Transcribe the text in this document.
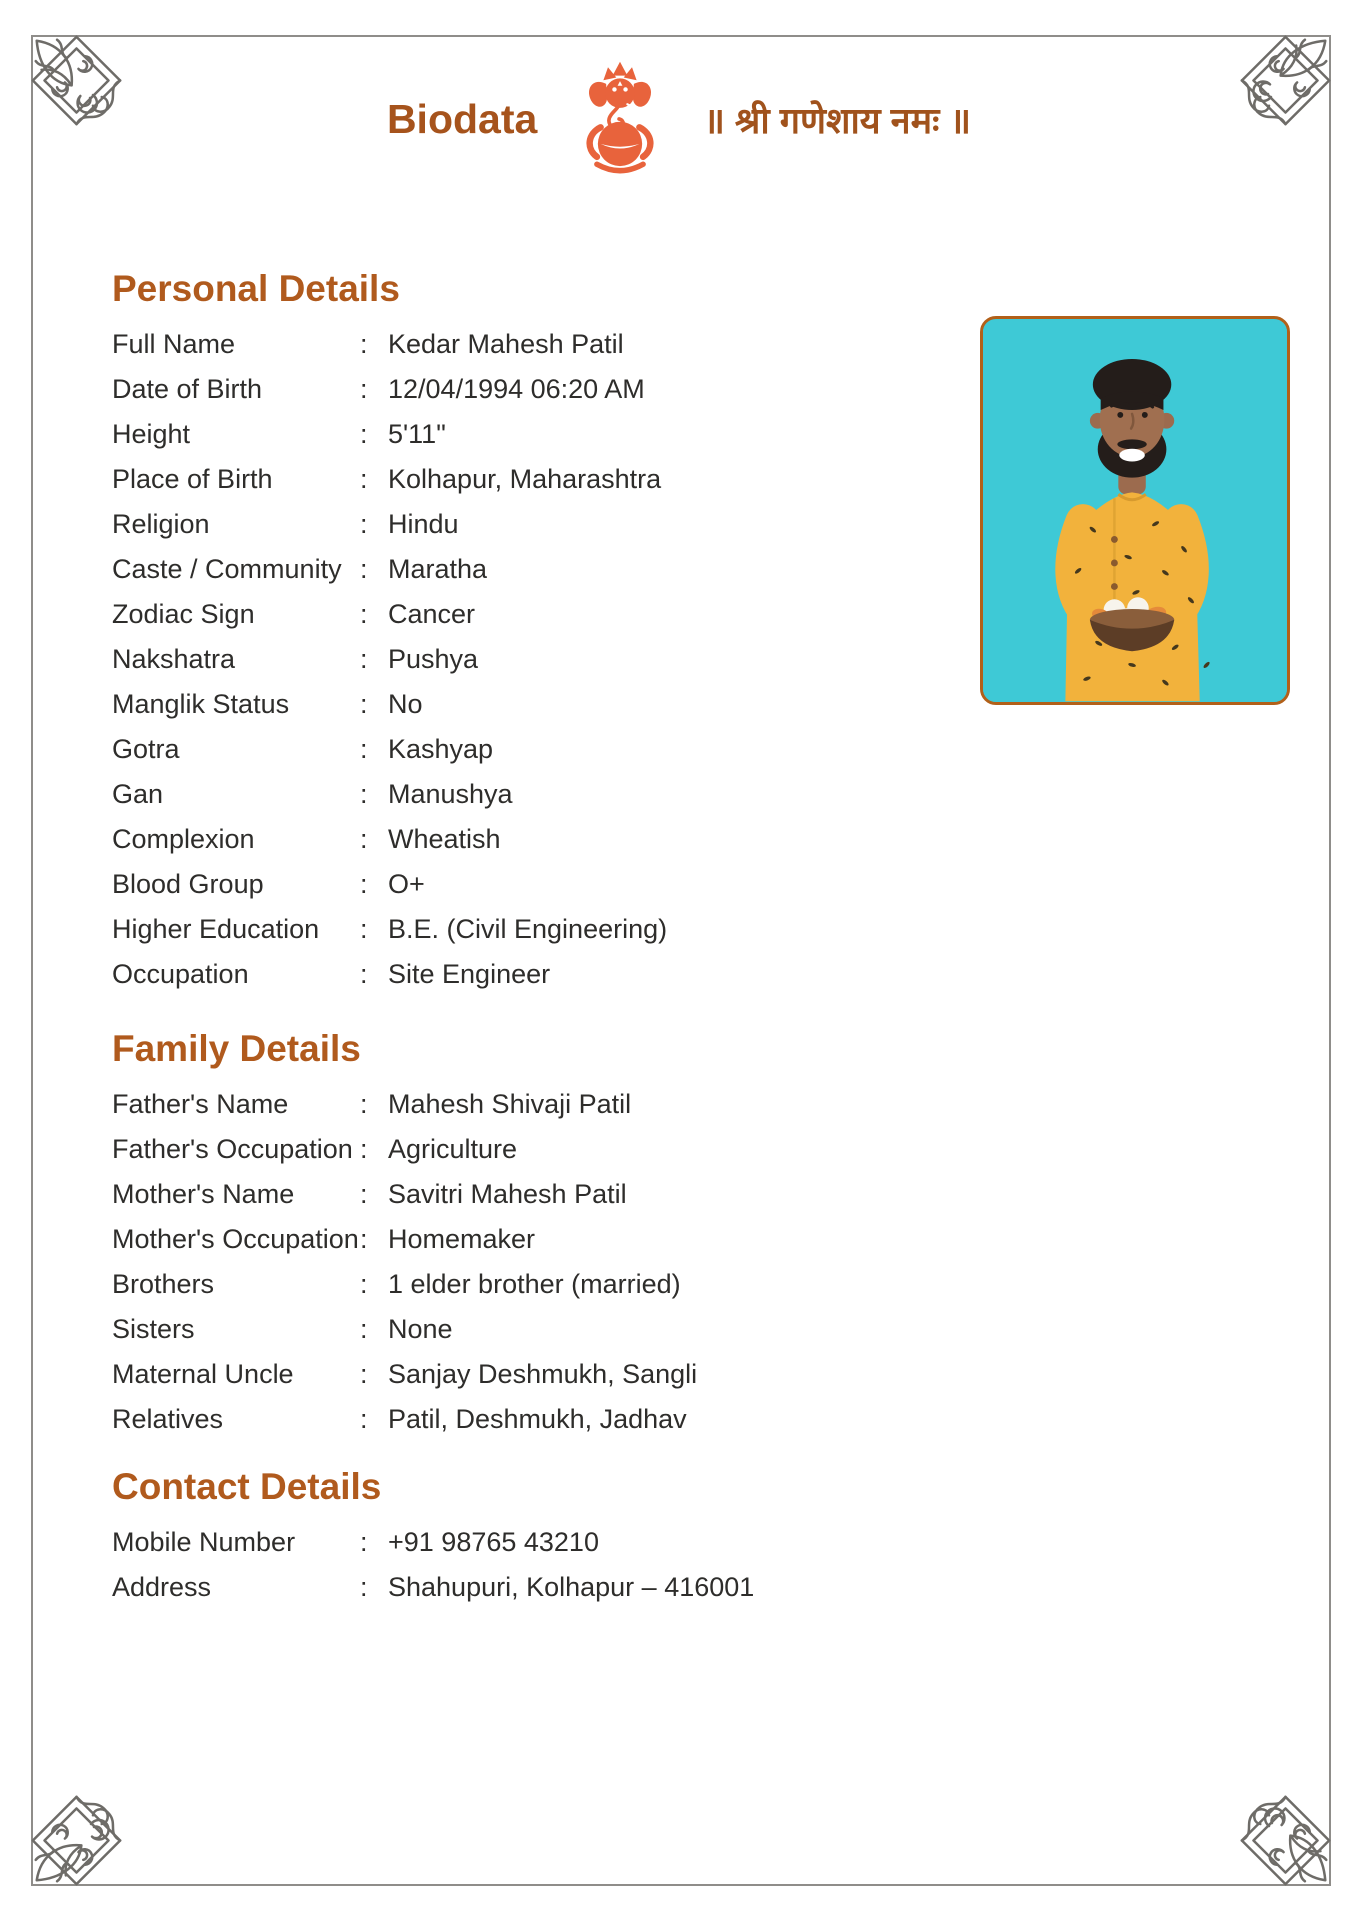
Biodata	॥ श्री गणेशाय नमः ॥
Personal Details
Full Name	: Kedar Mahesh Patil
Date of Birth	: 12/04/1994 06:20 AM
Height	: 5'11"
Place of Birth	: Kolhapur, Maharashtra
Religion	: Hindu
Caste / Community : Maratha
Zodiac Sign	: Cancer
Nakshatra	: Pushya
Manglik Status	: No
Gotra	: Kashyap
Gan	: Manushya
Complexion	: Wheatish
Blood Group	: O+
Higher Education	: B.E. (Civil Engineering)
Occupation	: Site Engineer
Family Details
Father's Name	: Mahesh Shivaji Patil
Father's Occupation : Agriculture
Mother's Name	: Savitri Mahesh Patil
Mother's Occupation : Homemaker
Brothers	: 1 elder brother (married)
Sisters	: None
Maternal Uncle	: Sanjay Deshmukh, Sangli
Relatives	: Patil, Deshmukh, Jadhav
Contact Details
Mobile Number	: +91 98765 43210
Address	: Shahupuri, Kolhapur – 416001
